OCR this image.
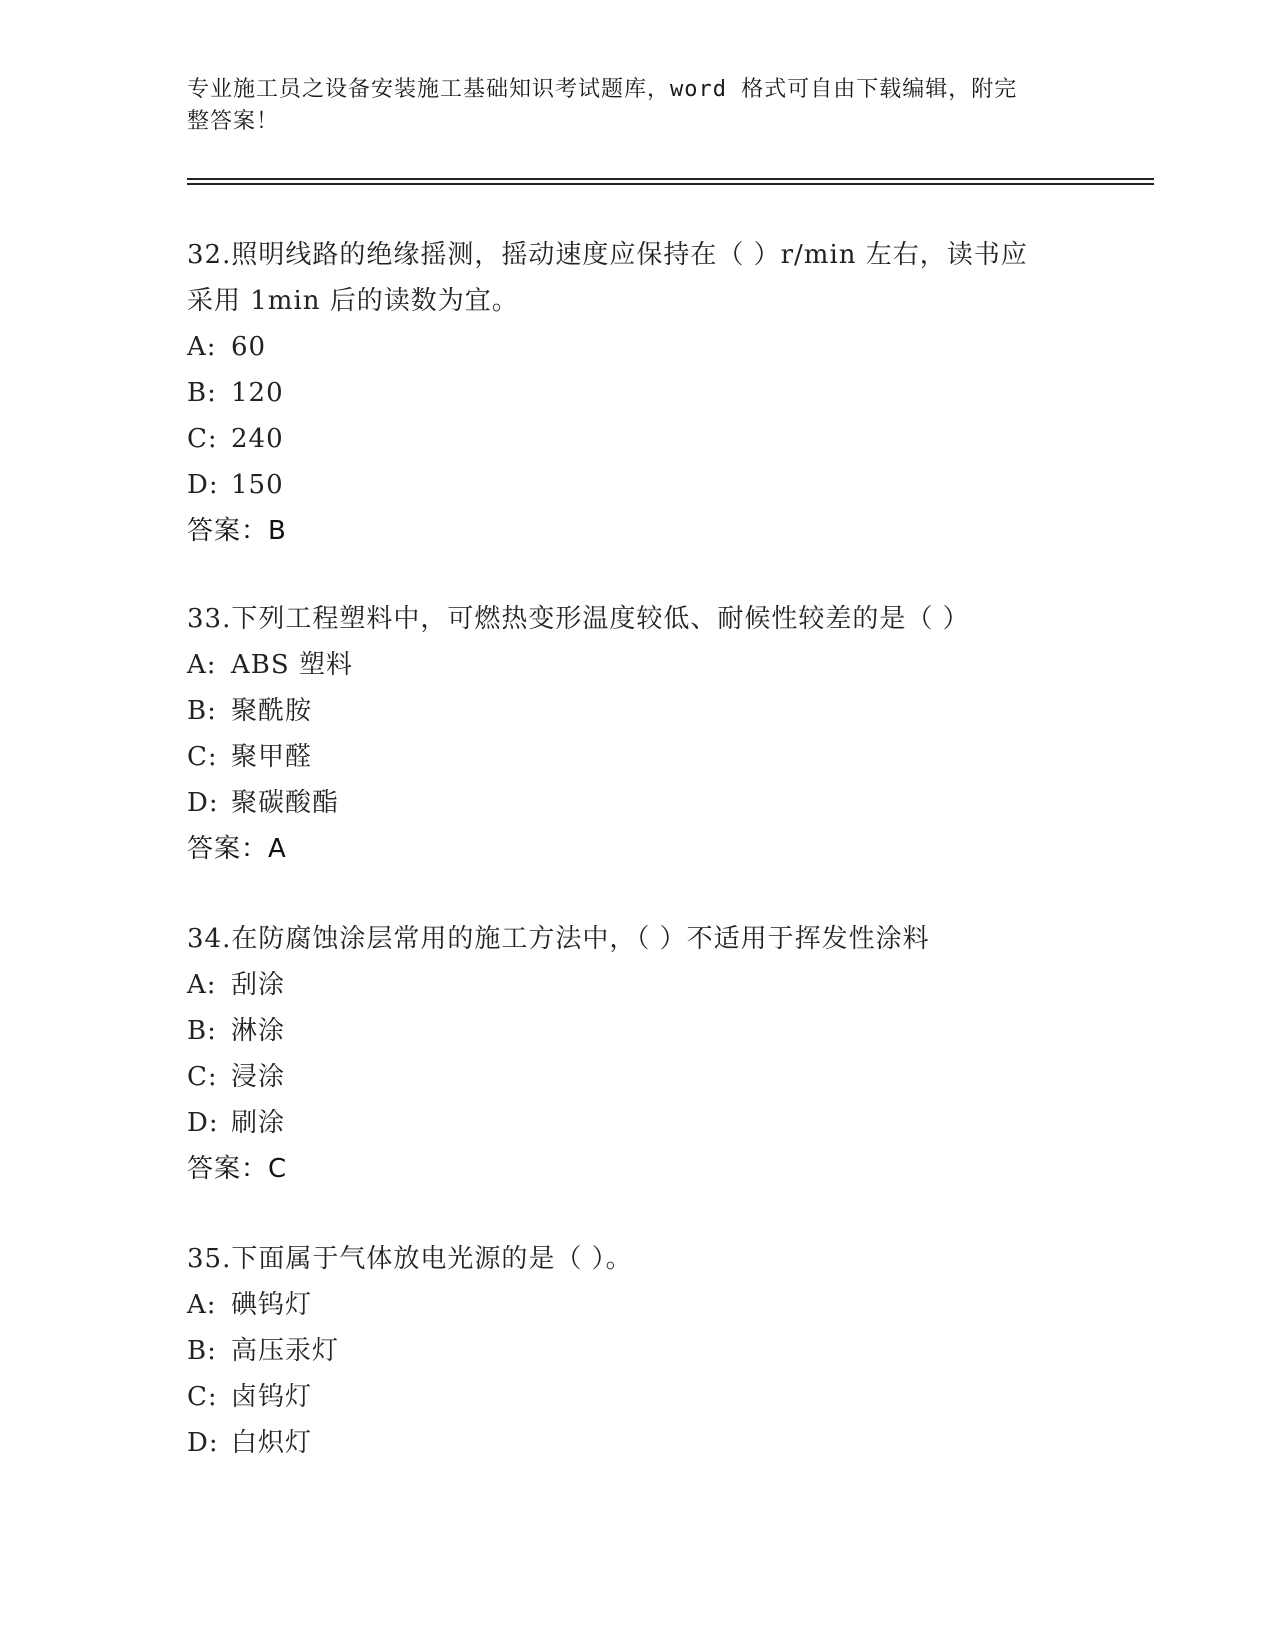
专业施工员之设备安装施工基础知识考试题库，word 格式可自由下载编辑，附完
整答案！
32.照明线路的绝缘摇测，摇动速度应保持在（ ）r/min 左右，读书应
采用 1min 后的读数为宜。
A: 60
B: 120
C: 240
D: 150
答案：B
33.下列工程塑料中，可燃热变形温度较低、耐候性较差的是（ ）
A: ABS 塑料
B: 聚酰胺
C: 聚甲醛
D: 聚碳酸酯
答案：A
34.在防腐蚀涂层常用的施工方法中，（ ）不适用于挥发性涂料
A: 刮涂
B: 淋涂
C: 浸涂
D: 刷涂
答案：C
35.下面属于气体放电光源的是（ ）。
A: 碘钨灯
B: 高压汞灯
C: 卤钨灯
D: 白炽灯
